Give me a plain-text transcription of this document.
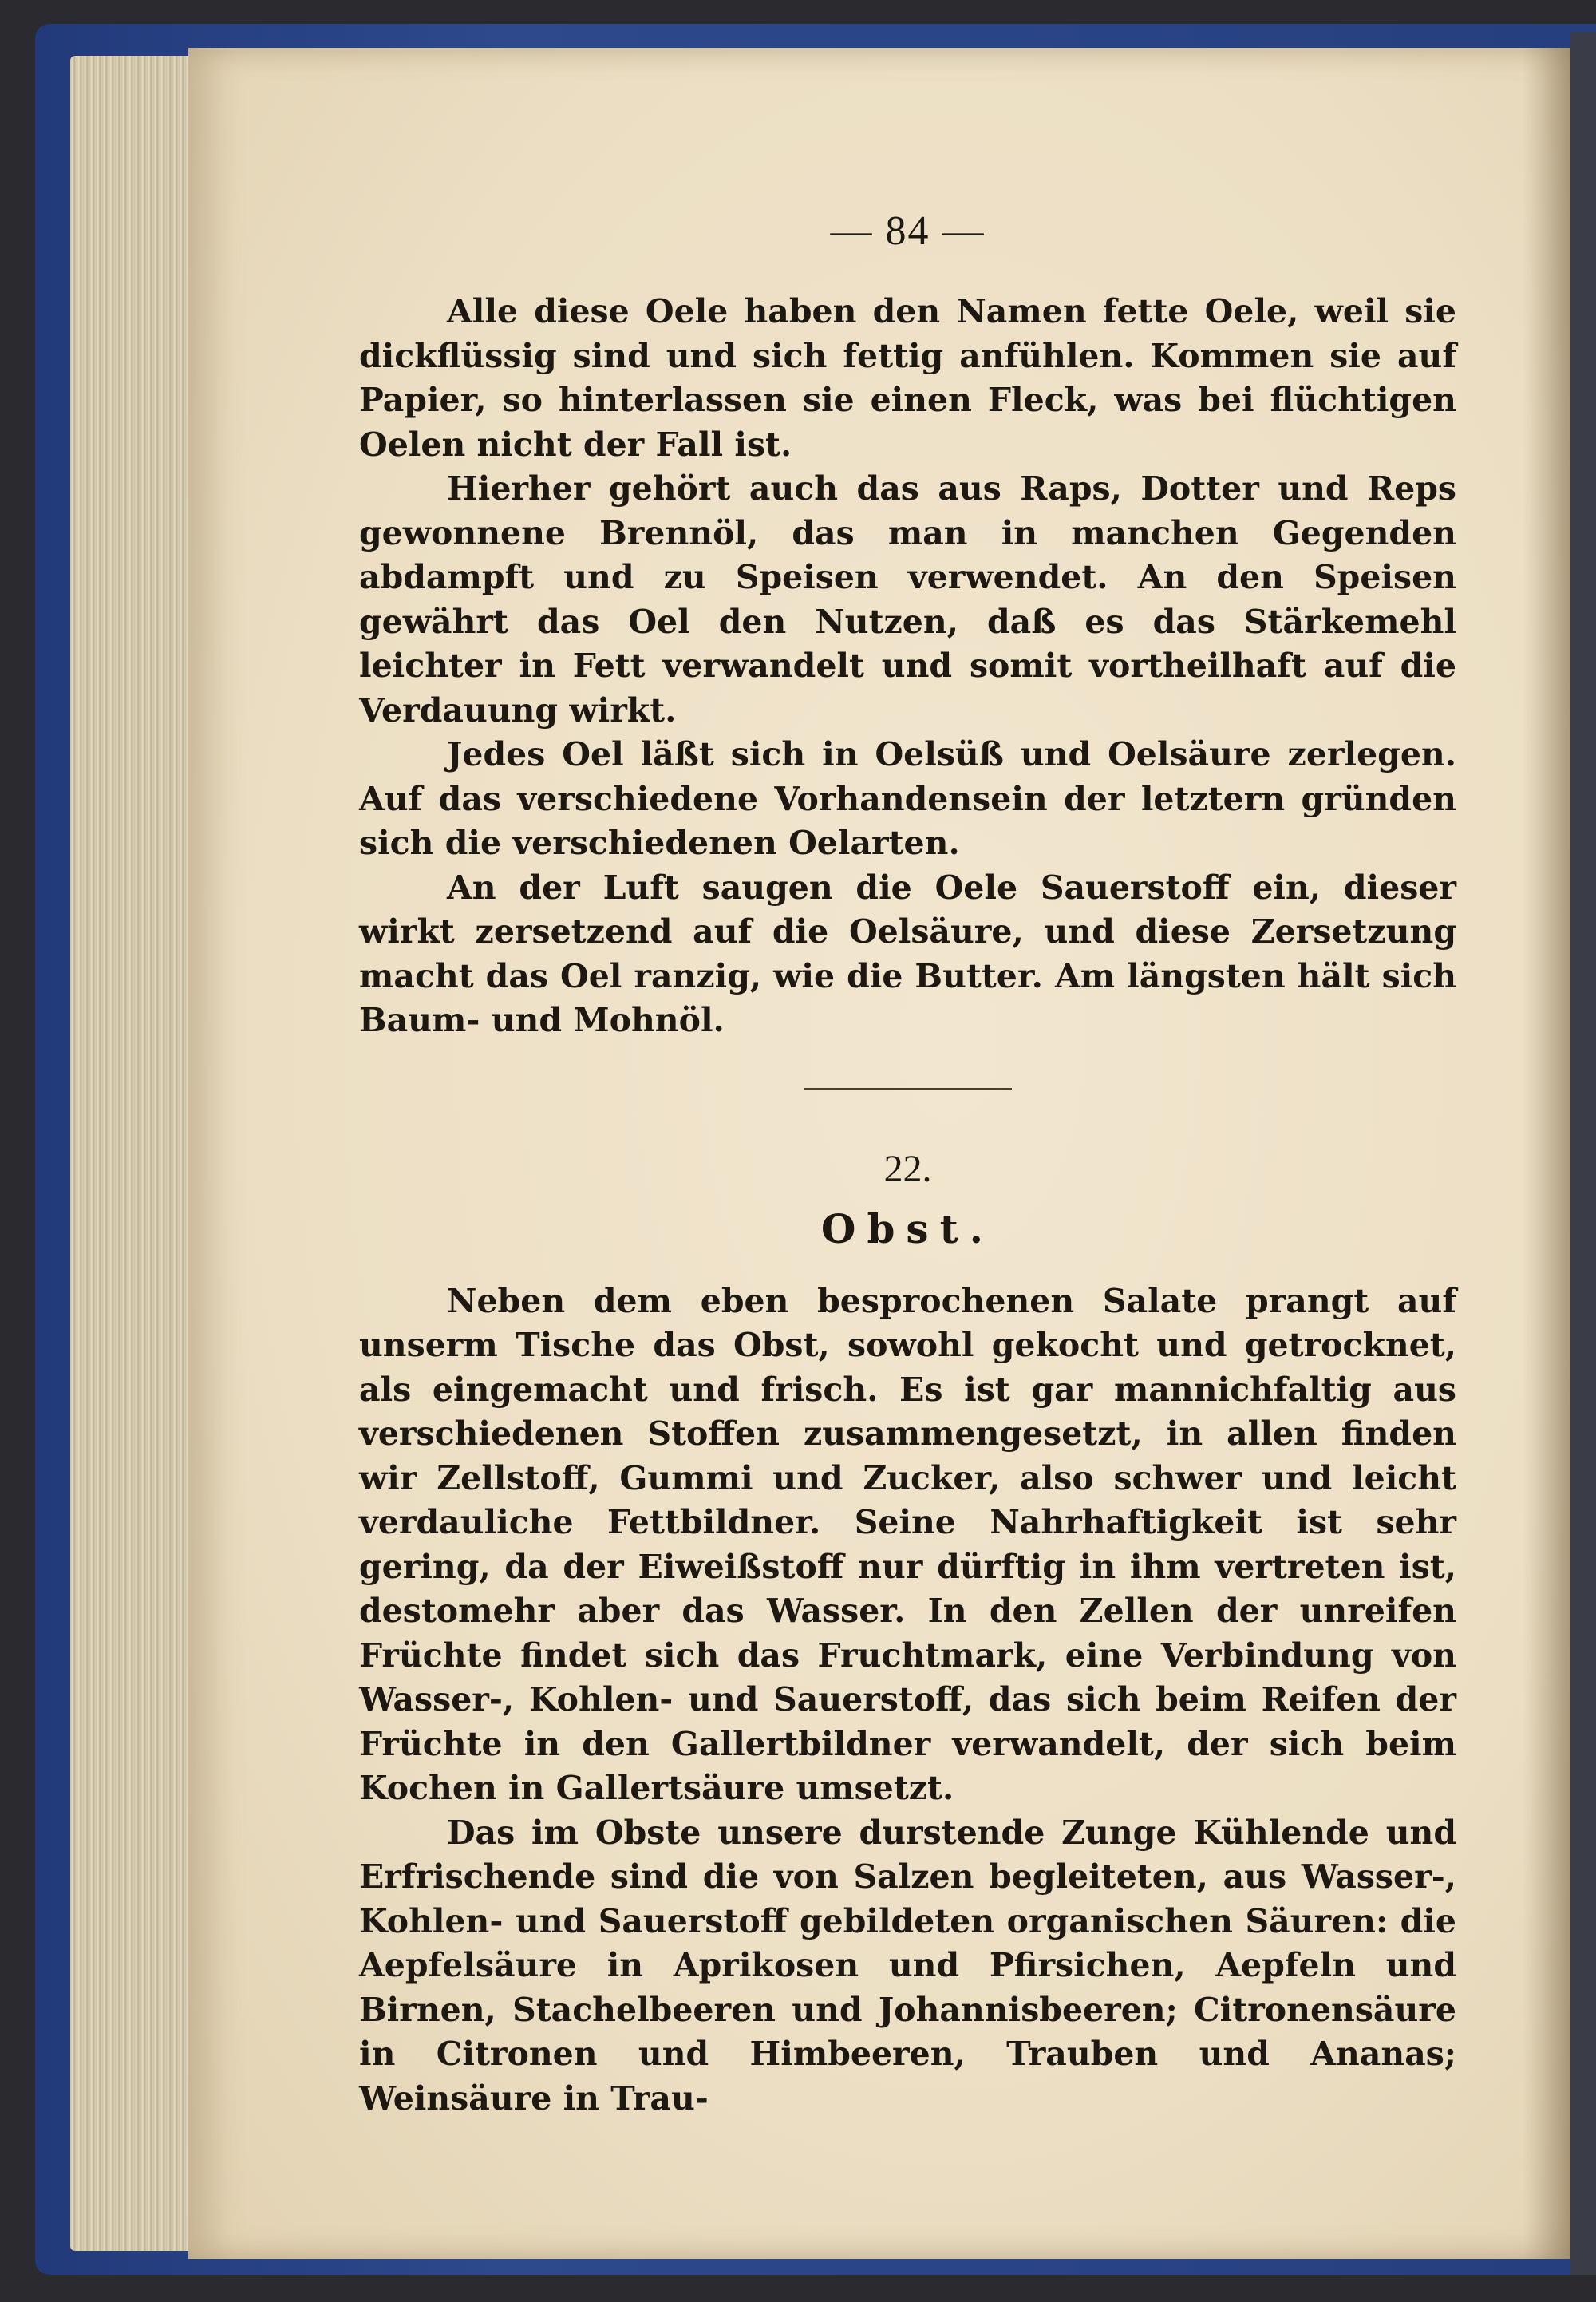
— 84 —

Alle diese Oele haben den Namen fette Oele, weil sie dickflüssig sind und sich fettig anfühlen. Kommen sie auf Papier, so hinterlassen sie einen Fleck, was bei flüchtigen Oelen nicht der Fall ist.

Hierher gehört auch das aus Raps, Dotter und Reps gewonnene Brennöl, das man in manchen Gegenden abdampft und zu Speisen verwendet. An den Speisen gewährt das Oel den Nutzen, daß es das Stärkemehl leichter in Fett verwandelt und somit vortheilhaft auf die Verdauung wirkt.

Jedes Oel läßt sich in Oelsüß und Oelsäure zerlegen. Auf das verschiedene Vorhandensein der letztern gründen sich die verschiedenen Oelarten.

An der Luft saugen die Oele Sauerstoff ein, dieser wirkt zersetzend auf die Oelsäure, und diese Zersetzung macht das Oel ranzig, wie die Butter. Am längsten hält sich Baum- und Mohnöl.

22.
Obst.

Neben dem eben besprochenen Salate prangt auf unserm Tische das Obst, sowohl gekocht und getrocknet, als eingemacht und frisch. Es ist gar mannichfaltig aus verschiedenen Stoffen zusammengesetzt, in allen finden wir Zellstoff, Gummi und Zucker, also schwer und leicht verdauliche Fettbildner. Seine Nahrhaftigkeit ist sehr gering, da der Eiweißstoff nur dürftig in ihm vertreten ist, destomehr aber das Wasser. In den Zellen der unreifen Früchte findet sich das Fruchtmark, eine Verbindung von Wasser-, Kohlen- und Sauerstoff, das sich beim Reifen der Früchte in den Gallertbildner verwandelt, der sich beim Kochen in Gallertsäure umsetzt.

Das im Obste unsere durstende Zunge Kühlende und Erfrischende sind die von Salzen begleiteten, aus Wasser-, Kohlen- und Sauerstoff gebildeten organischen Säuren: die Aepfelsäure in Aprikosen und Pfirsichen, Aepfeln und Birnen, Stachelbeeren und Johannisbeeren; Citronensäure in Citronen und Himbeeren, Trauben und Ananas; Weinsäure in Trau-
